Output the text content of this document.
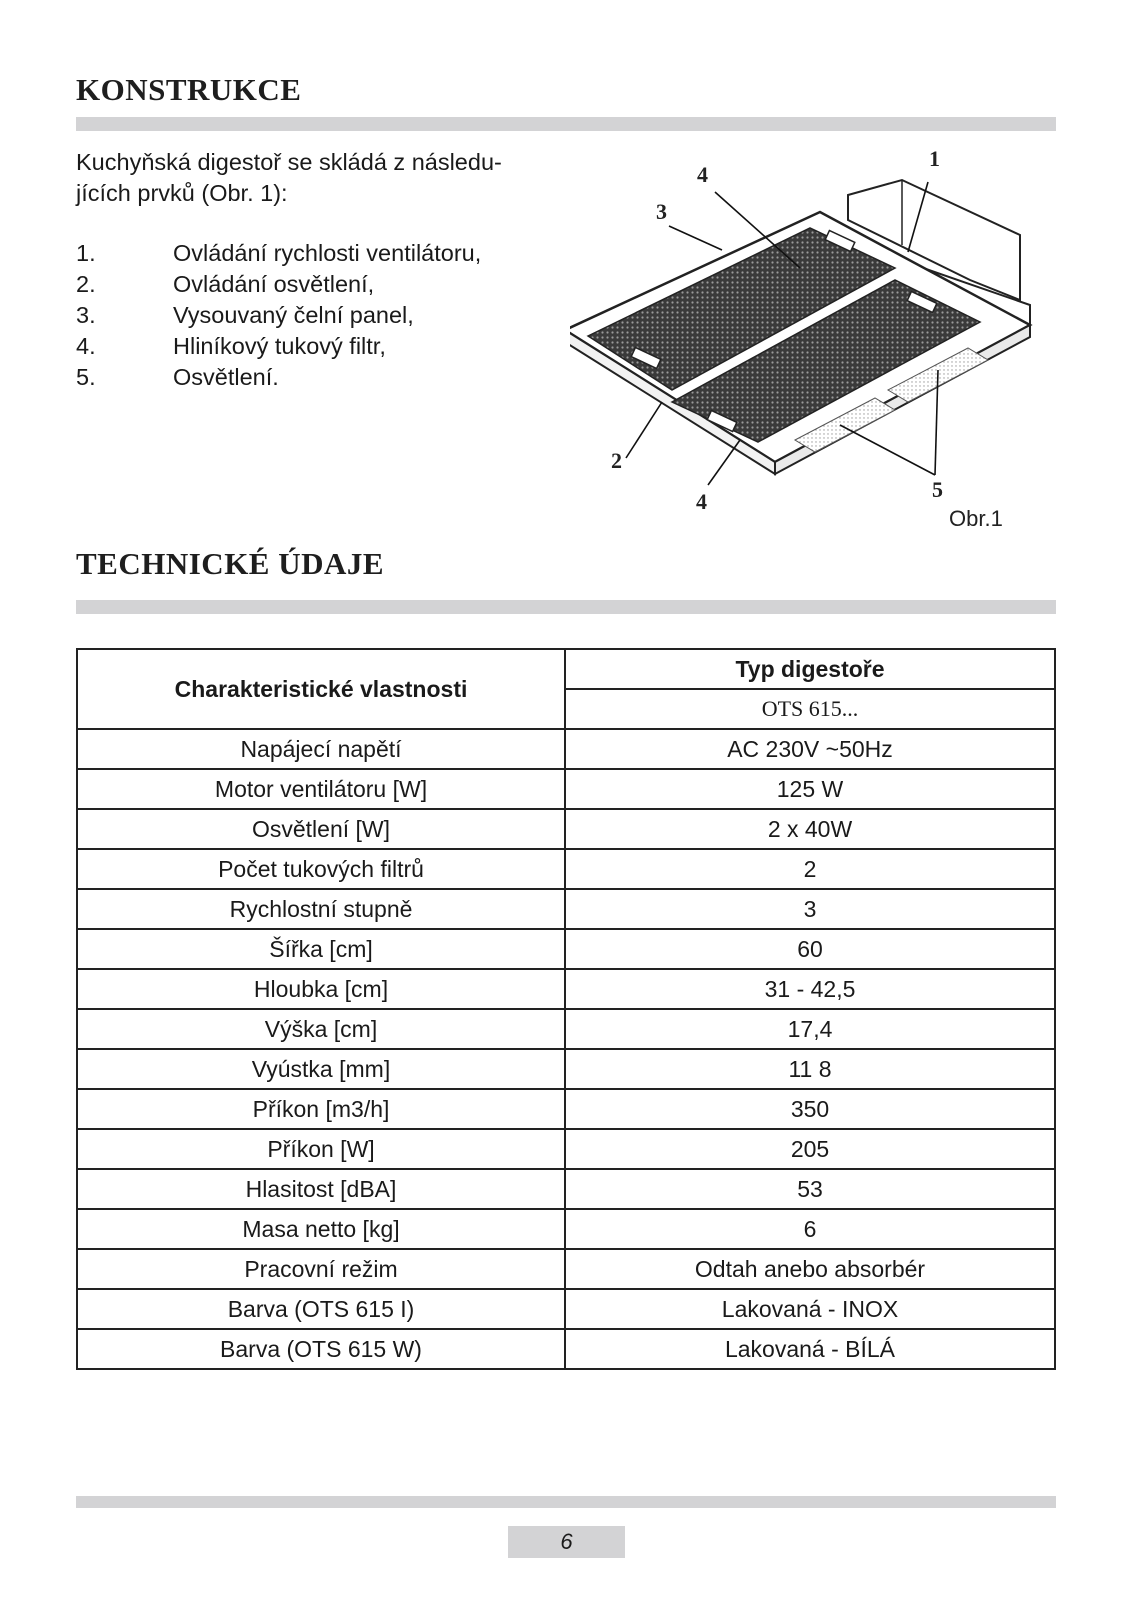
KONSTRUKCE

Kuchyňská digestoř se skládá z následu-
jících prvků (Obr. 1):

1.	Ovládání rychlosti ventilátoru,
2.	Ovládání osvětlení,
3.	Vysouvaný čelní panel,
4.	Hliníkový tukový filtr,
5.	Osvětlení.
1
4
3
2
4	5
Obr.1
TECHNICKÉ ÚDAJE
Charakteristické vlastnosti	Typ digestoře
	OTS 615...
Napájecí napětí	AC 230V ~50Hz
Motor ventilátoru [W]	125 W
Osvětlení [W]	2 x 40W
Počet tukových filtrů	2
Rychlostní stupně	3
Šířka [cm]	60
Hloubka [cm]	31 - 42,5
Výška [cm]	17,4
Vyústka [mm]	11 8
Příkon [m3/h]	350
Příkon [W]	205
Hlasitost [dBA]	53
Masa netto [kg]	6
Pracovní režim	Odtah anebo absorbér
Barva (OTS 615 I)	Lakovaná - INOX
Barva (OTS 615 W)	Lakovaná - BÍLÁ
6
